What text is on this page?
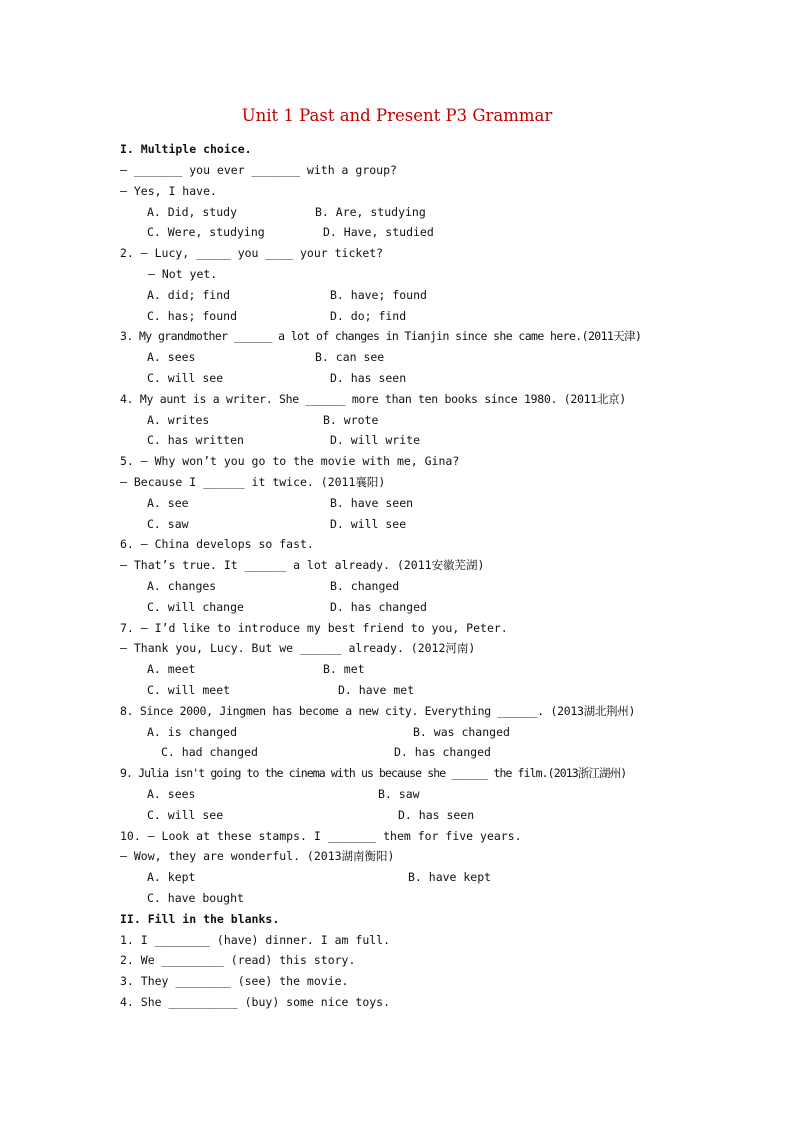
Unit 1 Past and Present P3 Grammar
I. Multiple choice.
— _______ you ever _______ with a group?
— Yes, I have.
A. Did, study	B. Are, studying
C. Were, studying	D. Have, studied
2. — Lucy, _____ you ____ your ticket?
— Not yet.
A. did; find	B. have; found
C. has; found	D. do; find
3. My grandmother ______ a lot of changes in Tianjin since she came here.(2011天津)
A. sees	B. can see
C. will see	D. has seen
4. My aunt is a writer. She ______ more than ten books since 1980. (2011北京)
A. writes	B. wrote
C. has written	D. will write
5. — Why won’t you go to the movie with me, Gina?
— Because I ______ it twice. (2011襄阳)
A. see	B. have seen
C. saw	D. will see
6. — China develops so fast.
— That’s true. It ______ a lot already. (2011安徽芜湖)
A. changes	B. changed
C. will change	D. has changed
7. — I’d like to introduce my best friend to you, Peter.
— Thank you, Lucy. But we ______ already. (2012河南)
A. meet	B. met
C. will meet	D. have met
8. Since 2000, Jingmen has become a new city. Everything ______. (2013湖北荆州)
A. is changed	B. was changed
C. had changed	D. has changed
9. Julia isn't going to the cinema with us because she ______ the film.(2013浙江湖州)
A. sees	B. saw
C. will see	D. has seen
10. — Look at these stamps. I _______ them for five years.
— Wow, they are wonderful. (2013湖南衡阳)
A. kept	B. have kept
C. have bought
II. Fill in the blanks.
1. I ________ (have) dinner. I am full.
2. We _________ (read) this story.
3. They ________ (see) the movie.
4. She __________ (buy) some nice toys.
